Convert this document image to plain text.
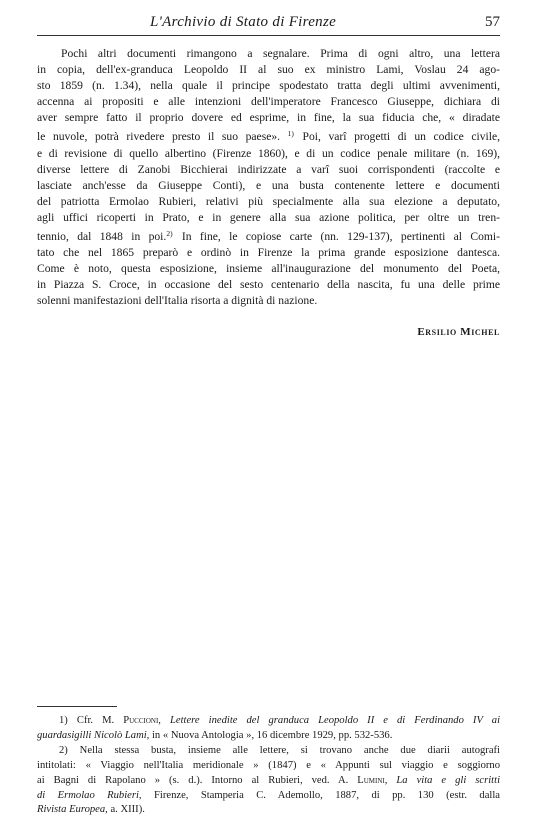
L'Archivio di Stato di Firenze	57
Pochi altri documenti rimangono a segnalare. Prima di ogni altro, una lettera
in copia, dell'ex-granduca Leopoldo II al suo ex ministro Lami, Voslau 24 ago-
sto 1859 (n. 1.34), nella quale il principe spodestato tratta degli ultimi avvenimenti,
accenna ai propositi e alle intenzioni dell'imperatore Francesco Giuseppe, dichiara di
aver sempre fatto il proprio dovere ed esprime, in fine, la sua fiducia che, « diradate
le nuvole, potrà rivedere presto il suo paese». $^{1)}$ Poi, varî progetti di un codice civile,
e di revisione di quello albertino (Firenze 1860), e di un codice penale militare (n. 169),
diverse lettere di Zanobi Bicchierai indirizzate a varî suoi corrispondenti (raccolte e
lasciate anch'esse da Giuseppe Conti), e una busta contenente lettere e documenti
del patriotta Ermolao Rubieri, relativi più specialmente alla sua elezione a deputato,
agli uffici ricoperti in Prato, e in genere alla sua azione politica, per oltre un tren-
tennio, dal 1848 in poi.$^{2)}$ In fine, le copiose carte (nn. 129-137), pertinenti al Comi-
tato che nel 1865 preparò e ordinò in Firenze la prima grande esposizione dantesca.
Come è noto, questa esposizione, insieme all'inaugurazione del monumento del Poeta,
in Piazza S. Croce, in occasione del sesto centenario della nascita, fu una delle prime
solenni manifestazioni dell'Italia risorta a dignità di nazione.
Ersilio Michel
1) Cfr. M. Puccioni, Lettere inedite del granduca Leopoldo II e di Ferdinando IV ai
guardasigilli Nicolò Lami, in « Nuova Antologia », 16 dicembre 1929, pp. 532-536.
2) Nella stessa busta, insieme alle lettere, si trovano anche due diarii autografi
intitolati: « Viaggio nell'Italia meridionale » (1847) e « Appunti sul viaggio e soggiorno
ai Bagni di Rapolano » (s. d.). Intorno al Rubieri, ved. A. Lumini, La vita e gli scritti
di Ermolao Rubieri, Firenze, Stamperia C. Ademollo, 1887, di pp. 130 (estr. dalla
Rivista Europea, a. XIII).
